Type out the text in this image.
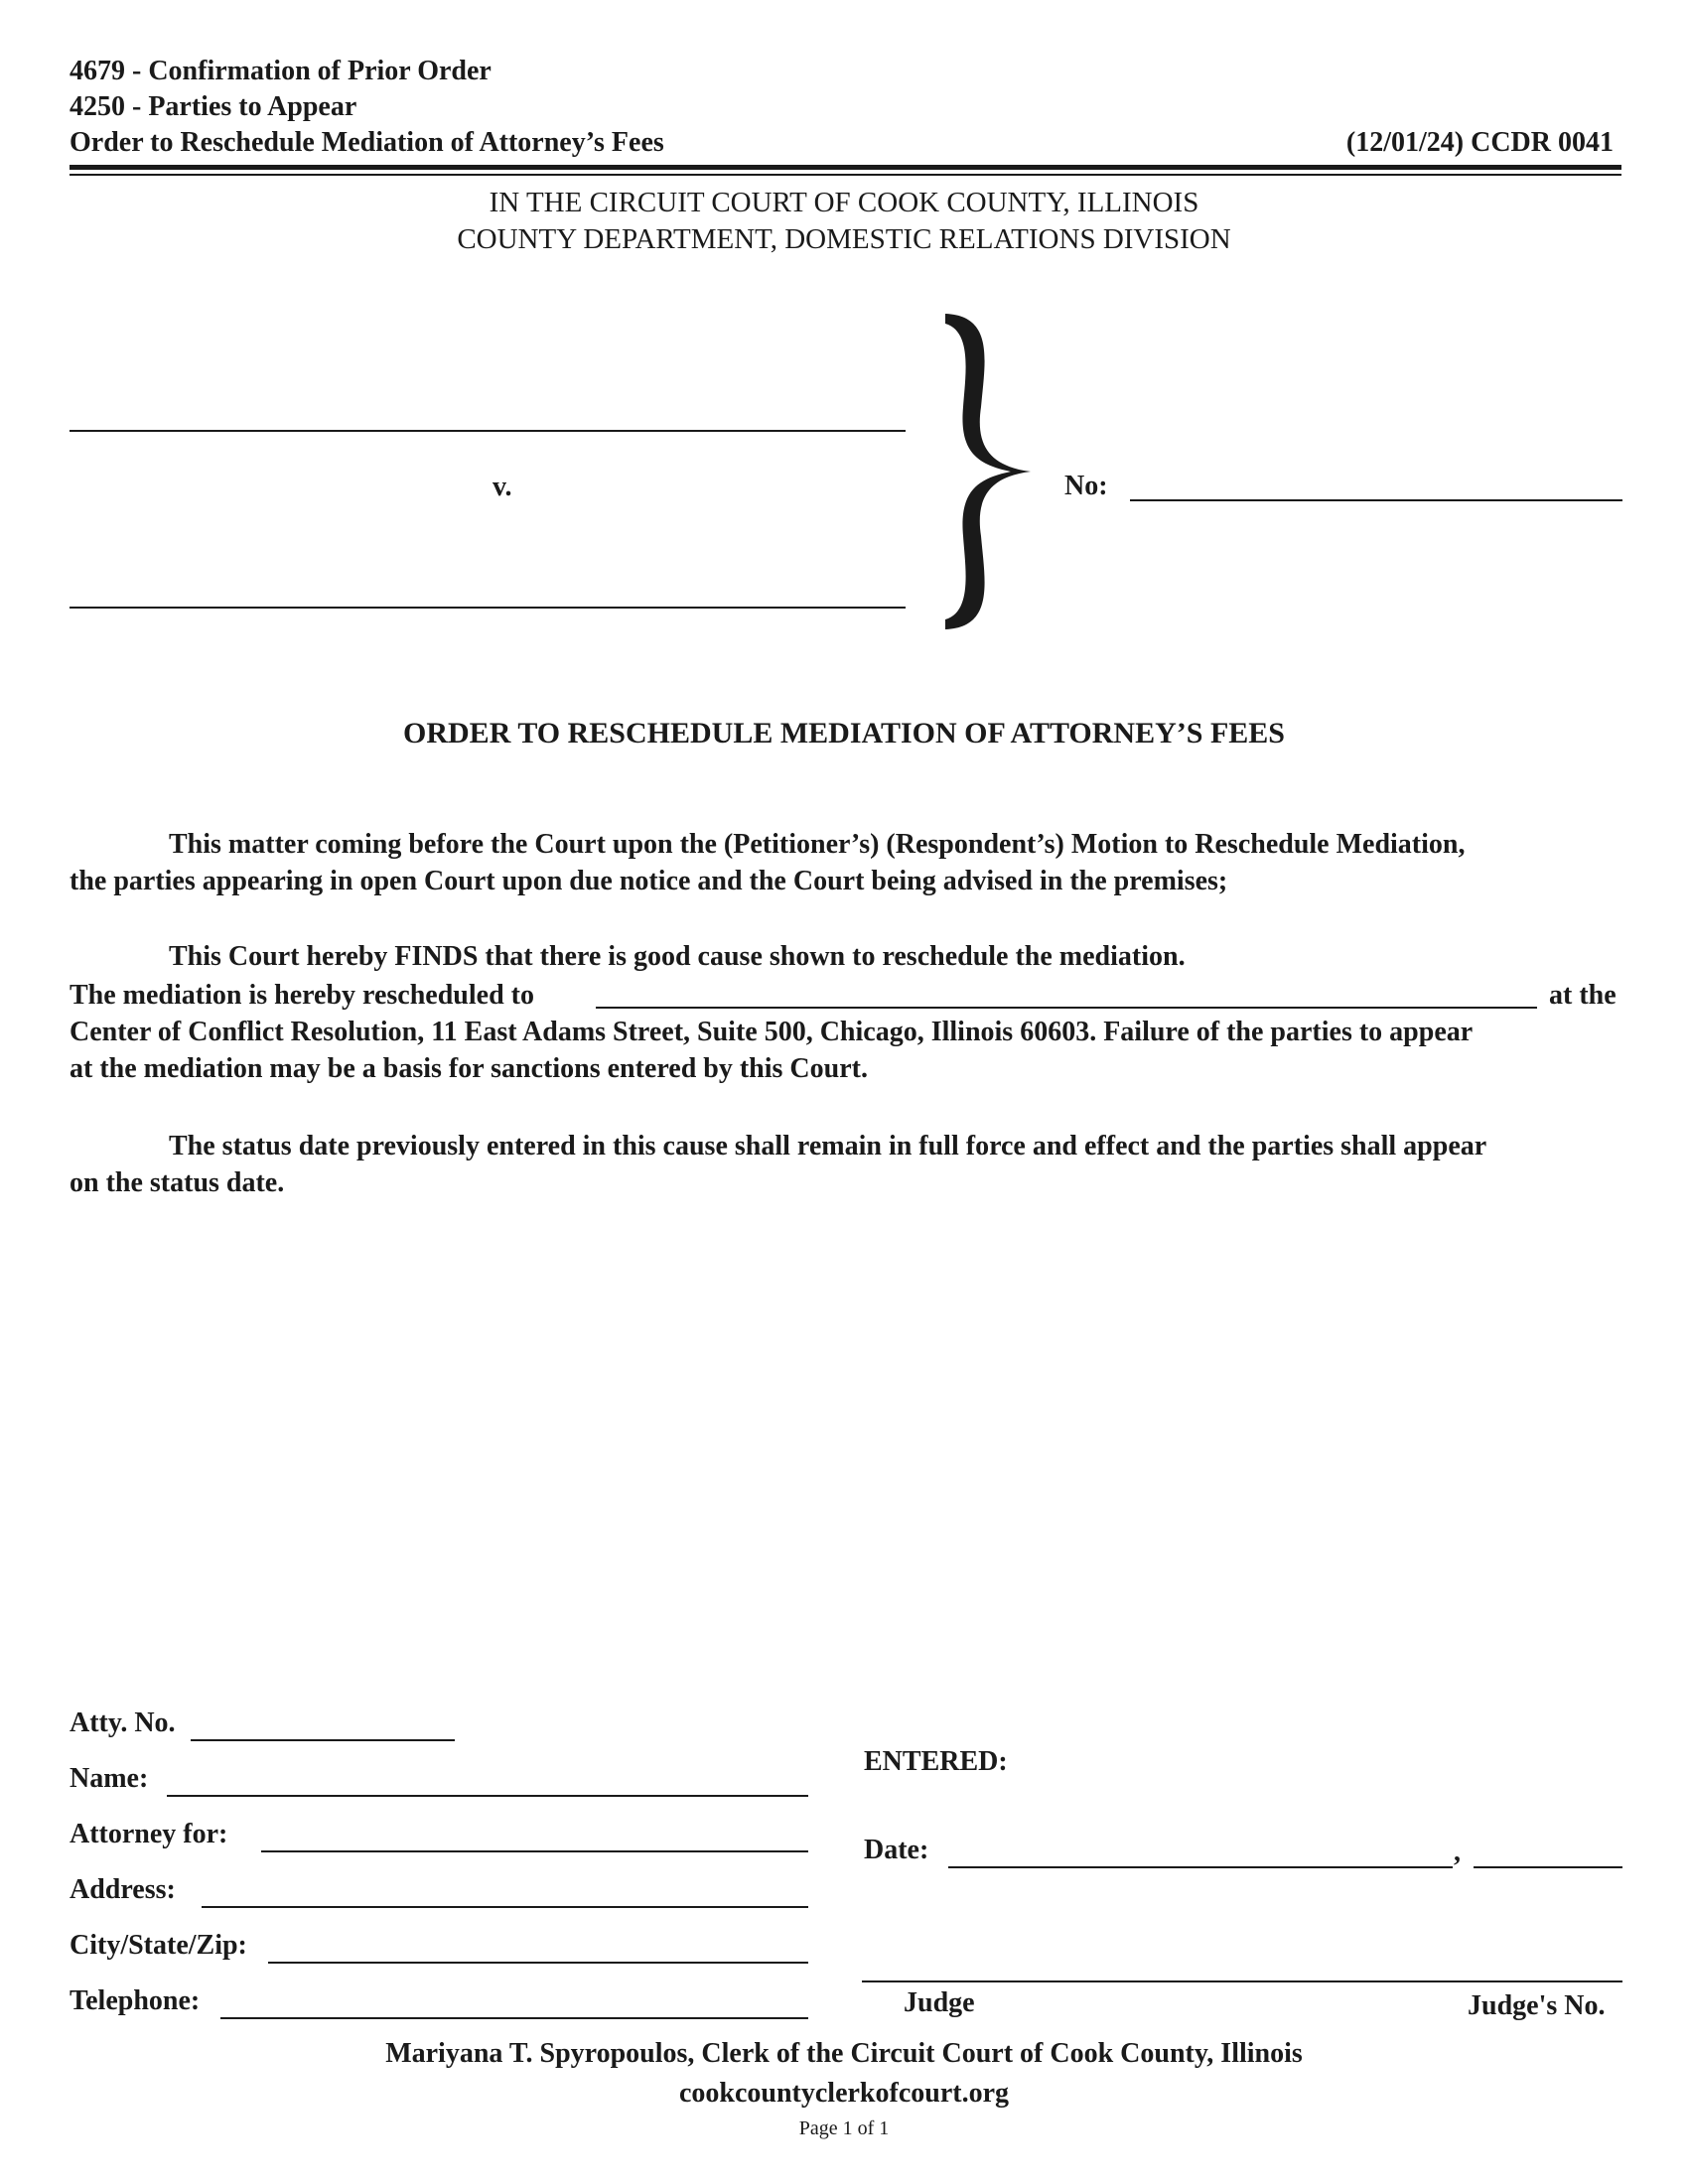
4679 - Confirmation of Prior Order
4250 - Parties to Appear
Order to Reschedule Mediation of Attorney’s Fees	(12/01/24) CCDR 0041
IN THE CIRCUIT COURT OF COOK COUNTY, ILLINOIS
COUNTY DEPARTMENT, DOMESTIC RELATIONS DIVISION
v.	No:
ORDER TO RESCHEDULE MEDIATION OF ATTORNEY’S FEES
This matter coming before the Court upon the (Petitioner’s) (Respondent’s) Motion to Reschedule Mediation,
the parties appearing in open Court upon due notice and the Court being advised in the premises;
This Court hereby FINDS that there is good cause shown to reschedule the mediation.
The mediation is hereby rescheduled to	at the
Center of Conflict Resolution, 11 East Adams Street, Suite 500, Chicago, Illinois 60603. Failure of the parties to appear
at the mediation may be a basis for sanctions entered by this Court.
The status date previously entered in this cause shall remain in full force and effect and the parties shall appear
on the status date.
Atty. No.
Name:
Attorney for:
Address:
City/State/Zip:
Telephone:
ENTERED:
Date:	,
Judge	Judge's No.
Mariyana T. Spyropoulos, Clerk of the Circuit Court of Cook County, Illinois
cookcountyclerkofcourt.org
Page 1 of 1
